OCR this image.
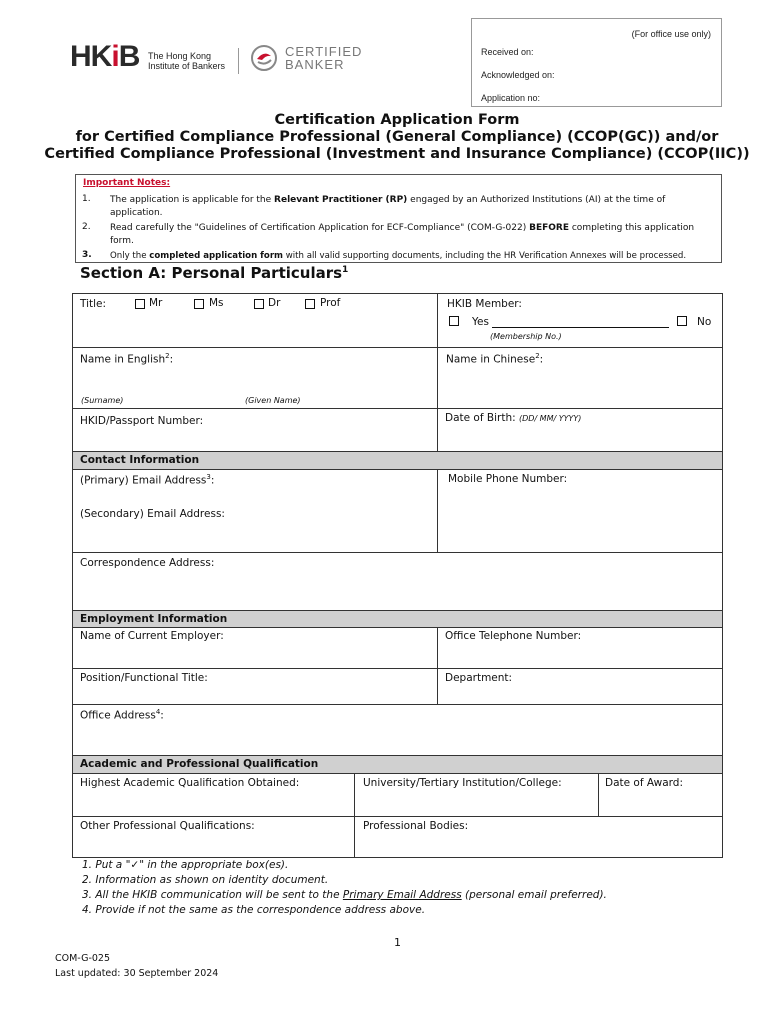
HKiB The Hong Kong
Institute of Bankers
CERTIFIED
BANKER
(For office use only)
Received on:
Acknowledged on:
Application no:
Certification Application Form
for Certified Compliance Professional (General Compliance) (CCOP(GC)) and/or
Certified Compliance Professional (Investment and Insurance Compliance) (CCOP(IIC))
Important Notes:
1. The application is applicable for the Relevant Practitioner (RP) engaged by an Authorized Institutions (AI) at the time of application.
2. Read carefully the "Guidelines of Certification Application for ECF-Compliance" (COM-G-022) BEFORE completing this application form.
3. Only the completed application form with all valid supporting documents, including the HR Verification Annexes will be processed.
Section A: Personal Particulars$^1$
Title:	Mr	Ms	Dr	Prof	HKIB Member:
Yes	No
(Membership No.)
Name in English$^2$:	Name in Chinese$^2$:
(Surname)	(Given Name)
HKID/Passport Number:	Date of Birth: (DD/ MM/ YYYY)
Contact Information
(Primary) Email Address$^3$:	Mobile Phone Number:
(Secondary) Email Address:
Correspondence Address:
Employment Information
Name of Current Employer:	Office Telephone Number:
Position/Functional Title:	Department:
Office Address$^4$:
Academic and Professional Qualification
Highest Academic Qualification Obtained:	University/Tertiary Institution/College:	Date of Award:
Other Professional Qualifications:	Professional Bodies:
1. Put a "✓" in the appropriate box(es).
2. Information as shown on identity document.
3. All the HKIB communication will be sent to the Primary Email Address (personal email preferred).
4. Provide if not the same as the correspondence address above.
1
COM-G-025
Last updated: 30 September 2024
